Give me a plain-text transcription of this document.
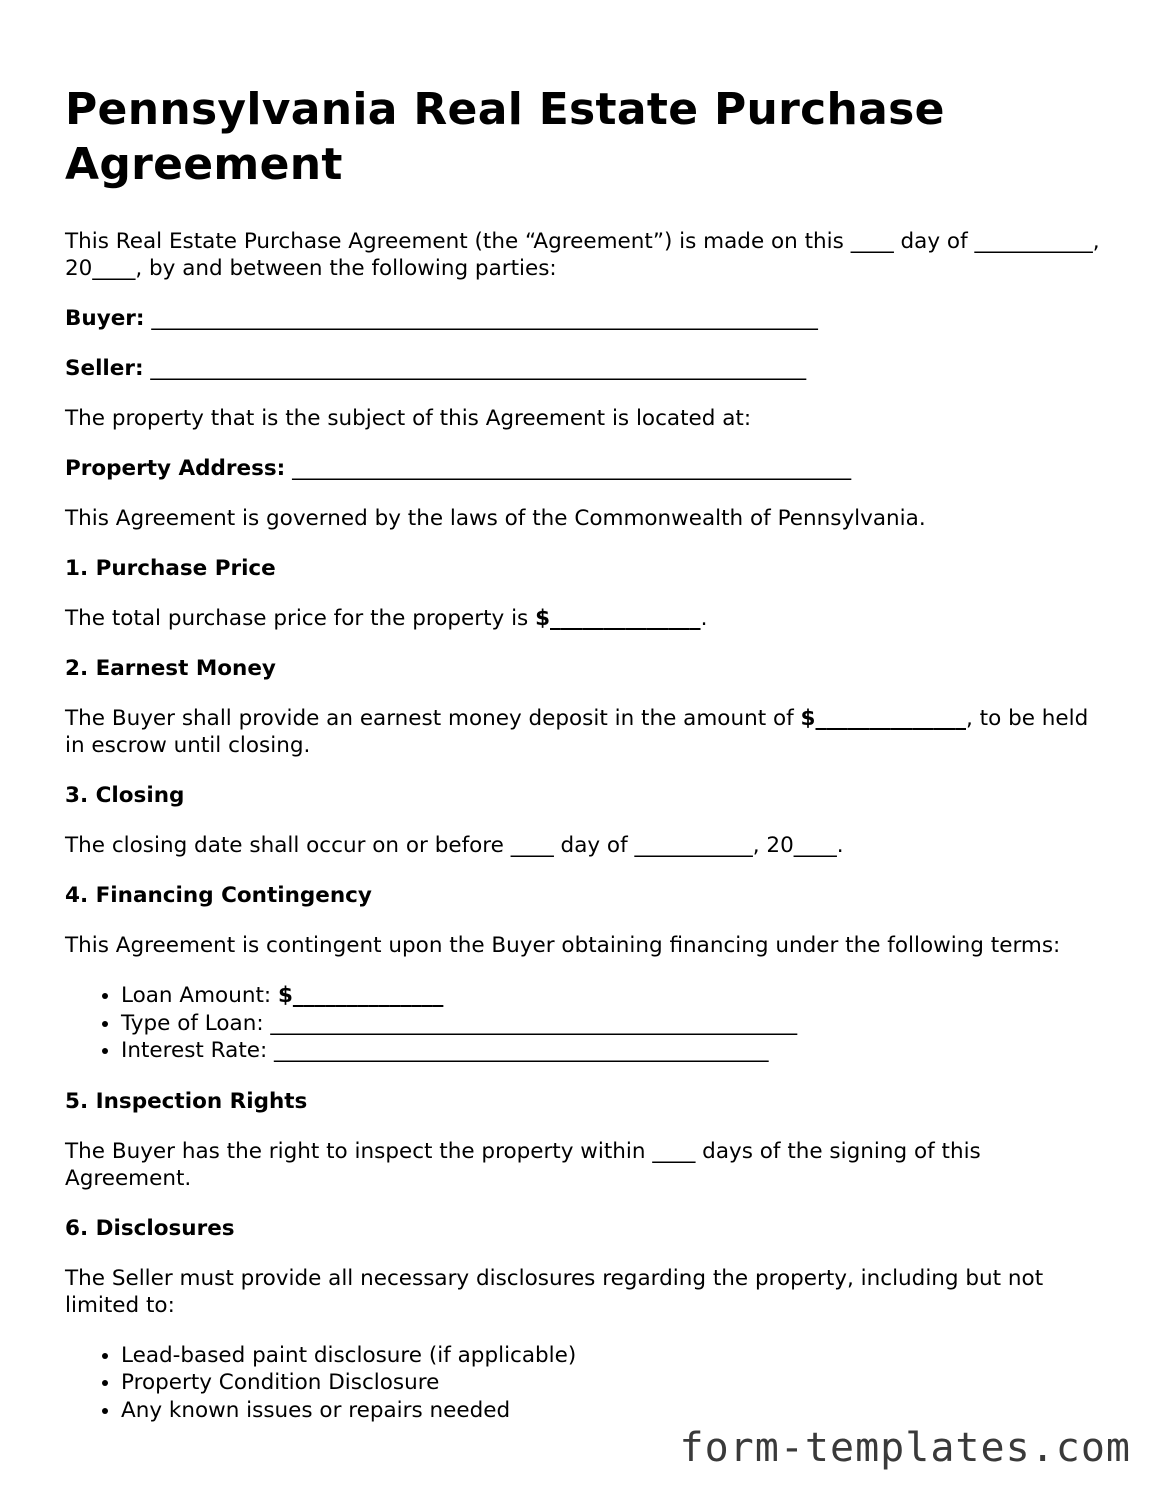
Pennsylvania Real Estate Purchase Agreement

This Real Estate Purchase Agreement (the “Agreement”) is made on this ____ day of ___________, 20____, by and between the following parties:

Buyer: ______________________________________________________________
Seller: _____________________________________________________________

The property that is the subject of this Agreement is located at:

Property Address: ____________________________________________________

This Agreement is governed by the laws of the Commonwealth of Pennsylvania.

1. Purchase Price

The total purchase price for the property is $______________.

2. Earnest Money

The Buyer shall provide an earnest money deposit in the amount of $______________, to be held in escrow until closing.

3. Closing

The closing date shall occur on or before ____ day of ___________, 20____.

4. Financing Contingency

This Agreement is contingent upon the Buyer obtaining financing under the following terms:

• Loan Amount: $______________
• Type of Loan: _________________________________________________
• Interest Rate: ______________________________________________
5. Inspection Rights

The Buyer has the right to inspect the property within ____ days of the signing of this Agreement.

6. Disclosures

The Seller must provide all necessary disclosures regarding the property, including but not limited to:

• Lead-based paint disclosure (if applicable)
• Property Condition Disclosure
• Any known issues or repairs needed
form-templates.com
